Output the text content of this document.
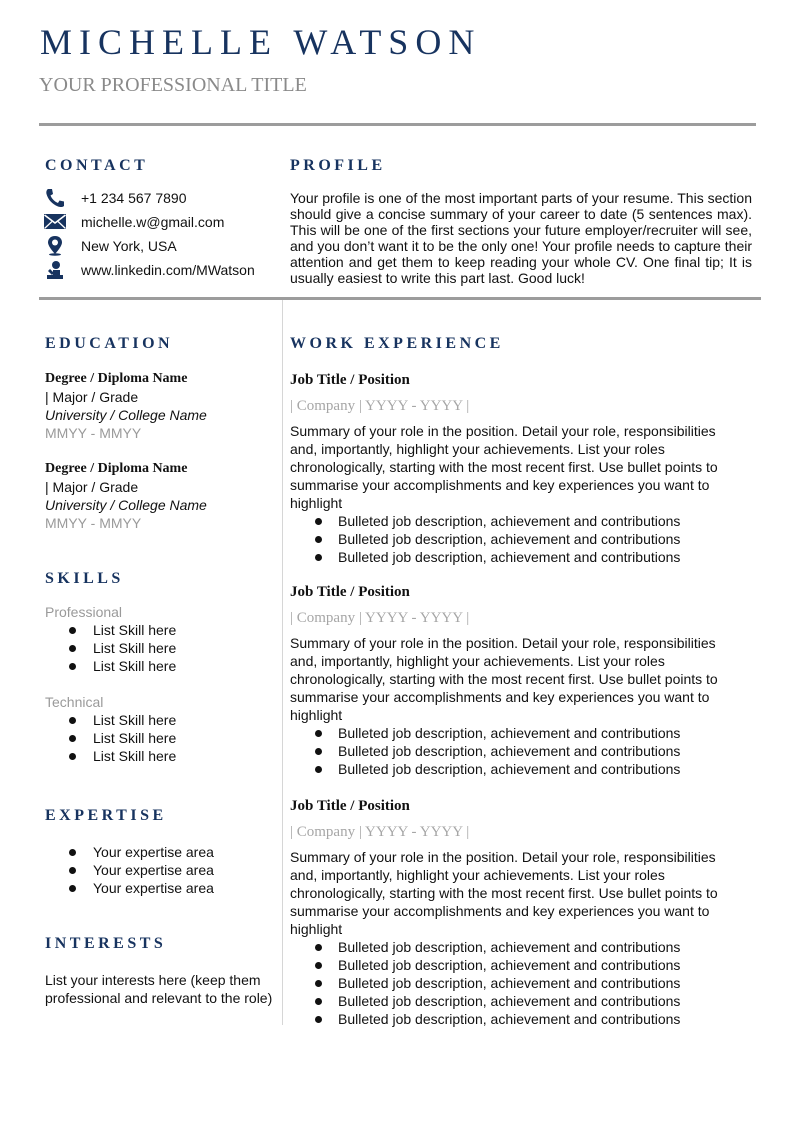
MICHELLE WATSON
YOUR PROFESSIONAL TITLE
CONTACT
+1 234 567 7890
michelle.w@gmail.com
New York, USA
www.linkedin.com/MWatson
PROFILE
Your profile is one of the most important parts of your resume. This section should give a concise summary of your career to date (5 sentences max). This will be one of the first sections your future employer/recruiter will see, and you don’t want it to be the only one! Your profile needs to capture their attention and get them to keep reading your whole CV. One final tip; It is usually easiest to write this part last. Good luck!
EDUCATION
Degree / Diploma Name
| Major / Grade
University / College Name
MMYY - MMYY
Degree / Diploma Name
| Major / Grade
University / College Name
MMYY - MMYY
SKILLS
Professional
List Skill here
List Skill here
List Skill here
Technical
List Skill here
List Skill here
List Skill here
EXPERTISE
Your expertise area
Your expertise area
Your expertise area
INTERESTS
List your interests here (keep them professional and relevant to the role)
WORK EXPERIENCE
Job Title / Position
| Company | YYYY - YYYY |
Summary of your role in the position. Detail your role, responsibilities and, importantly, highlight your achievements. List your roles chronologically, starting with the most recent first. Use bullet points to summarise your accomplishments and key experiences you want to highlight
Bulleted job description, achievement and contributions
Bulleted job description, achievement and contributions
Bulleted job description, achievement and contributions
Job Title / Position
| Company | YYYY - YYYY |
Summary of your role in the position. Detail your role, responsibilities and, importantly, highlight your achievements. List your roles chronologically, starting with the most recent first. Use bullet points to summarise your accomplishments and key experiences you want to highlight
Bulleted job description, achievement and contributions
Bulleted job description, achievement and contributions
Bulleted job description, achievement and contributions
Job Title / Position
| Company | YYYY - YYYY |
Summary of your role in the position. Detail your role, responsibilities and, importantly, highlight your achievements. List your roles chronologically, starting with the most recent first. Use bullet points to summarise your accomplishments and key experiences you want to highlight
Bulleted job description, achievement and contributions
Bulleted job description, achievement and contributions
Bulleted job description, achievement and contributions
Bulleted job description, achievement and contributions
Bulleted job description, achievement and contributions
